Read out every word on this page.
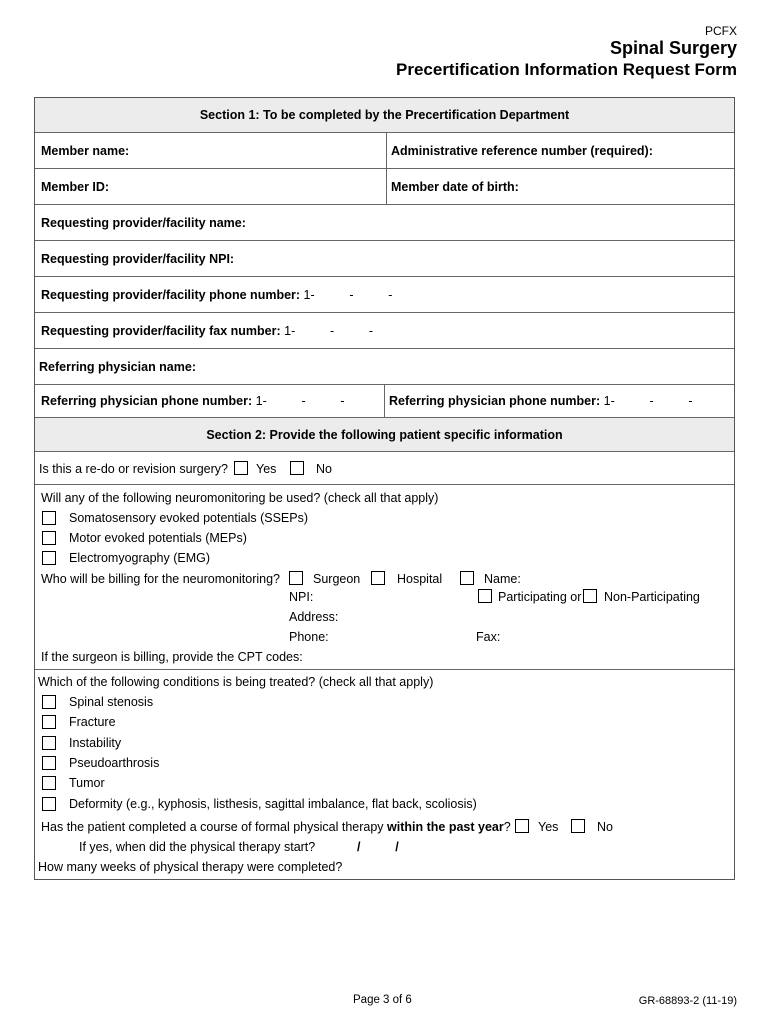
PCFX
Spinal Surgery
Precertification Information Request Form
Section 1: To be completed by the Precertification Department
Member name:	Administrative reference number (required):
Member ID:	Member date of birth:
Requesting provider/facility name:
Requesting provider/facility NPI:
Requesting provider/facility phone number: 1-          -          -
Requesting provider/facility fax number: 1-          -          -
Referring physician name:
Referring physician phone number: 1-          -          -	Referring physician phone number: 1-          -          -
Section 2: Provide the following patient specific information
Is this a re-do or revision surgery? Yes	No
Will any of the following neuromonitoring be used? (check all that apply)
Somatosensory evoked potentials (SSEPs)
Motor evoked potentials (MEPs)
Electromyography (EMG)
Who will be billing for the neuromonitoring?	Surgeon	Hospital	Name:
NPI:	Participating or Non-Participating
Address:
Phone:	Fax:
If the surgeon is billing, provide the CPT codes:
Which of the following conditions is being treated? (check all that apply)
Spinal stenosis
Fracture
Instability
Pseudoarthrosis
Tumor
Deformity (e.g., kyphosis, listhesis, sagittal imbalance, flat back, scoliosis)
Has the patient completed a course of formal physical therapy within the past year? Yes	No
If yes, when did the physical therapy start?	/          /
How many weeks of physical therapy were completed?
Page 3 of 6	GR-68893-2 (11-19)
